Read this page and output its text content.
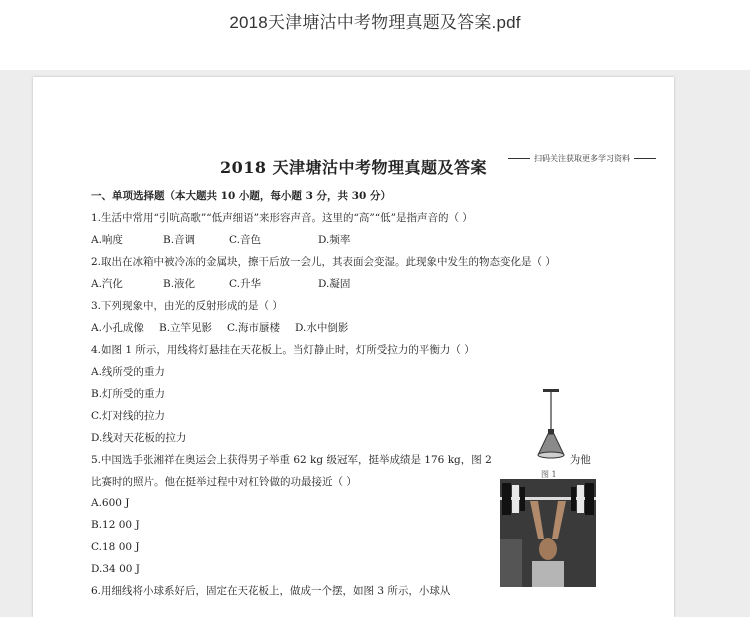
2018天津塘沽中考物理真题及答案.pdf
扫码关注获取更多学习资料
2018 天津塘沽中考物理真题及答案
一、单项选择题（本大题共 10 小题，每小题 3 分，共 30 分）
1.生活中常用“引吭高歌”“低声细语”来形容声音。这里的“高”“低”是指声音的（ ）
A.响度	B.音调	C.音色	D.频率
2.取出在冰箱中被冷冻的金属块，擦干后放一会儿，其表面会变湿。此现象中发生的物态变化是（ ）
A.汽化	B.液化	C.升华	D.凝固
3.下列现象中，由光的反射形成的是（ ）
A.小孔成像 B.立竿见影 C.海市蜃楼 D.水中倒影
4.如图 1 所示，用线将灯悬挂在天花板上。当灯静止时，灯所受拉力的平衡力（ ）
A.线所受的重力
B.灯所受的重力
C.灯对线的拉力
D.线对天花板的拉力
5.中国选手张湘祥在奥运会上获得男子举重 62 kg 级冠军，挺举成绩是 176 kg，图 2	为他
比赛时的照片。他在挺举过程中对杠铃做的功最接近（ ）
A.600 J
B.12 00 J
C.18 00 J
D.34 00 J
6.用细线将小球系好后，固定在天花板上，做成一个摆，如图 3 所示，小球从
图 1
